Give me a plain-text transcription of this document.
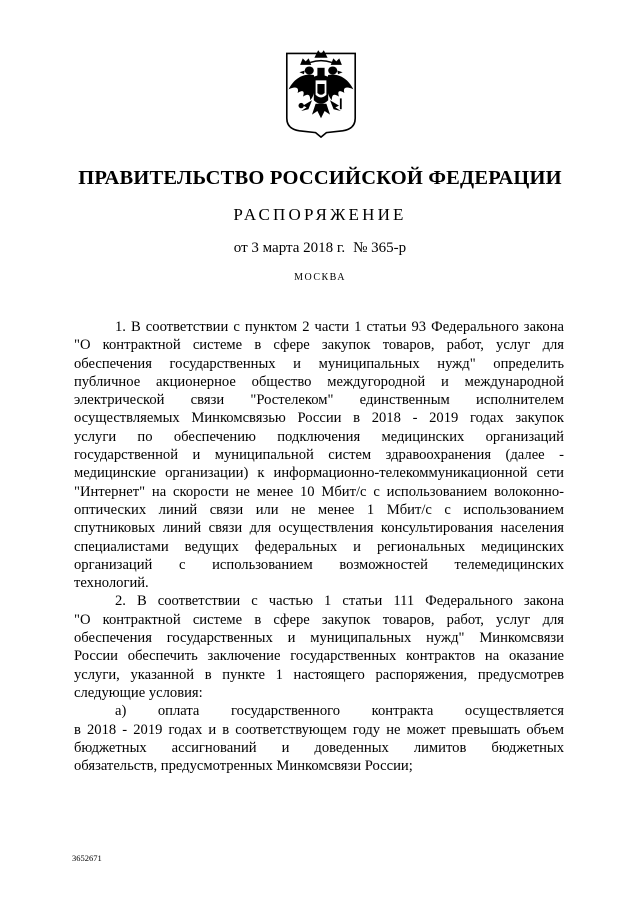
ПРАВИТЕЛЬСТВО РОССИЙСКОЙ ФЕДЕРАЦИИ
РАСПОРЯЖЕНИЕ
от 3 марта 2018 г. № 365-р
МОСКВА
1. В соответствии с пунктом 2 части 1 статьи 93 Федерального закона
"О контрактной системе в сфере закупок товаров, работ, услуг для
обеспечения государственных и муниципальных нужд" определить
публичное акционерное общество междугородной и международной
электрической связи "Ростелеком" единственным исполнителем
осуществляемых Минкомсвязью России в 2018 - 2019 годах закупок
услуги по обеспечению подключения медицинских организаций
государственной и муниципальной систем здравоохранения (далее -
медицинские организации) к информационно-телекоммуникационной сети
"Интернет" на скорости не менее 10 Мбит/с с использованием волоконно-
оптических линий связи или не менее 1 Мбит/с с использованием
спутниковых линий связи для осуществления консультирования населения
специалистами ведущих федеральных и региональных медицинских
организаций с использованием возможностей телемедицинских
технологий.
2. В соответствии с частью 1 статьи 111 Федерального закона
"О контрактной системе в сфере закупок товаров, работ, услуг для
обеспечения государственных и муниципальных нужд" Минкомсвязи
России обеспечить заключение государственных контрактов на оказание
услуги, указанной в пункте 1 настоящего распоряжения, предусмотрев
следующие условия:
а) оплата государственного контракта осуществляется
в 2018 - 2019 годах и в соответствующем году не может превышать объем
бюджетных ассигнований и доведенных лимитов бюджетных
обязательств, предусмотренных Минкомсвязи России;
3652671
